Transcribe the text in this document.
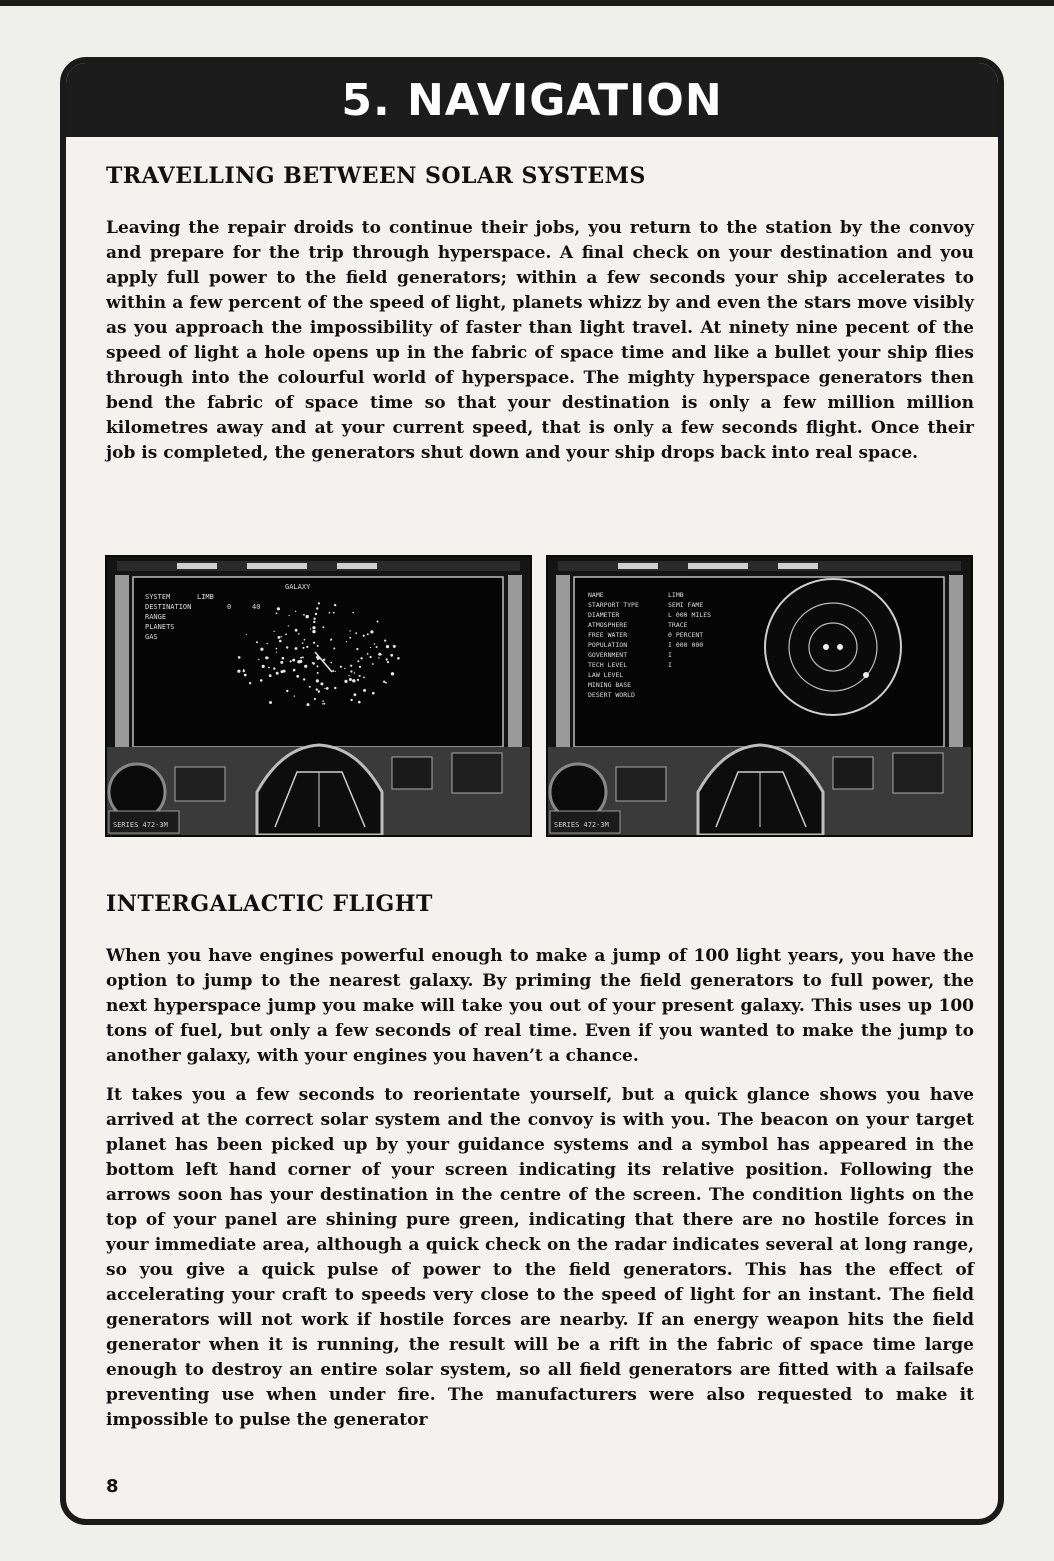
5. NAVIGATION
TRAVELLING BETWEEN SOLAR SYSTEMS

Leaving the repair droids to continue their jobs, you return to the station by the convoy and prepare for the trip through hyperspace. A final check on your destination and you apply full power to the field generators; within a few seconds your ship accelerates to within a few percent of the speed of light, planets whizz by and even the stars move visibly as you approach the impossibility of faster than light travel. At ninety nine pecent of the speed of light a hole opens up in the fabric of space time and like a bullet your ship flies through into the colourful world of hyperspace. The mighty hyperspace generators then bend the fabric of space time so that your destination is only a few million million kilometres away and at your current speed, that is only a few seconds flight. Once their job is completed, the generators shut down and your ship drops back into real space.

SYSTEM
DESTINATION
RANGE
PLANETS
GAS
LIMB
0	40
GALAXY
SERIES 472-3M
NAME
STARPORT TYPE
DIAMETER
ATMOSPHERE
FREE WATER
POPULATION
GOVERNMENT
TECH LEVEL
LAW LEVEL
MINING BASE
DESERT WORLD
LIMB
SEMI FAME
L 000 MILES
TRACE
0 PERCENT
I 000 000
I
I
SERIES 472-3M
INTERGALACTIC FLIGHT

When you have engines powerful enough to make a jump of 100 light years, you have the option to jump to the nearest galaxy. By priming the field generators to full power, the next hyperspace jump you make will take you out of your present galaxy. This uses up 100 tons of fuel, but only a few seconds of real time. Even if you wanted to make the jump to another galaxy, with your engines you haven’t a chance.

It takes you a few seconds to reorientate yourself, but a quick glance shows you have arrived at the correct solar system and the convoy is with you. The beacon on your target planet has been picked up by your guidance systems and a symbol has appeared in the bottom left hand corner of your screen indicating its relative position. Following the arrows soon has your destination in the centre of the screen. The condition lights on the top of your panel are shining pure green, indicating that there are no hostile forces in your immediate area, although a quick check on the radar indicates several at long range, so you give a quick pulse of power to the field generators. This has the effect of accelerating your craft to speeds very close to the speed of light for an instant. The field generators will not work if hostile forces are nearby. If an energy weapon hits the field generator when it is running, the result will be a rift in the fabric of space time large enough to destroy an entire solar system, so all field generators are fitted with a failsafe preventing use when under fire. The manufacturers were also requested to make it impossible to pulse the generator

8
